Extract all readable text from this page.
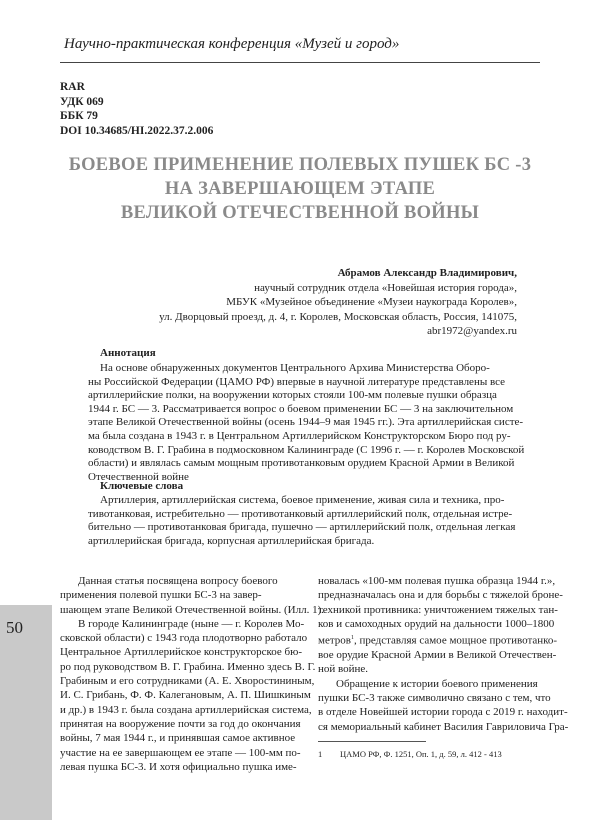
Научно-практическая конференция «Музей и город»
RAR
УДК 069
ББК 79
DOI 10.34685/HI.2022.37.2.006
БОЕВОЕ ПРИМЕНЕНИЕ ПОЛЕВЫХ ПУШЕК БС -3
НА ЗАВЕРШАЮЩЕМ ЭТАПЕ
ВЕЛИКОЙ ОТЕЧЕСТВЕННОЙ ВОЙНЫ
Абрамов Александр Владимирович,
научный сотрудник отдела «Новейшая история города»,
МБУК «Музейное объединение «Музеи наукограда Королев»,
ул. Дворцовый проезд, д. 4, г. Королев, Московская область, Россия, 141075,
abr1972@yandex.ru
Аннотация
На основе обнаруженных документов Центрального Архива Министерства Оборо-
ны Российской Федерации (ЦАМО РФ) впервые в научной литературе представлены все
артиллерийские полки, на вооружении которых стояли 100-мм полевые пушки образца
1944 г. БС — 3. Рассматривается вопрос о боевом применении БС — 3 на заключительном
этапе Великой Отечественной войны (осень 1944–9 мая 1945 гг.). Эта артиллерийская систе-
ма была создана в 1943 г. в Центральном Артиллерийском Конструкторском Бюро под ру-
ководством В. Г. Грабина в подмосковном Калининграде (С 1996 г. — г. Королев Московской
области) и являлась самым мощным противотанковым орудием Красной Армии в Великой
Отечественной войне
Ключевые слова
Артиллерия, артиллерийская система, боевое применение, живая сила и техника, про-
тивотанковая, истребительно — противотанковый артиллерийский полк, отдельная истре-
бительно — противотанковая бригада, пушечно — артиллерийский полк, отдельная легкая
артиллерийская бригада, корпусная артиллерийская бригада.
Данная статья посвящена вопросу боевого
применения полевой пушки БС-3 на завер-
шающем этапе Великой Отечественной войны. (Илл. 1).
В городе Калининграде (ныне — г. Королев Мо-
сковской области) с 1943 года плодотворно работало
Центральное Артиллерийское конструкторское бю-
ро под руководством В. Г. Грабина. Именно здесь В. Г.
Грабиным и его сотрудниками (А. Е. Хворостининым,
И. С. Грибань, Ф. Ф. Калегановым, А. П. Шишкиным
и др.) в 1943 г. была создана артиллерийская система,
принятая на вооружение почти за год до окончания
войны, 7 мая 1944 г., и принявшая самое активное
участие на ее завершающем ее этапе — 100-мм по-
левая пушка БС-3. И хотя официально пушка име-
новалась «100-мм полевая пушка образца 1944 г.»,
предназначалась она и для борьбы с тяжелой броне-
техникой противника: уничтожением тяжелых тан-
ков и самоходных орудий на дальности 1000–1800
метров$^1$, представляя самое мощное противотанко-
вое орудие Красной Армии в Великой Отечествен-
ной войне.
Обращение к истории боевого применения
пушки БС-3 также символично связано с тем, что
в отделе Новейшей истории города с 2019 г. находит-
ся мемориальный кабинет Василия Гавриловича Гра-
50
1 ЦАМО РФ, Ф. 1251, Оп. 1, д. 59, л. 412 - 413
